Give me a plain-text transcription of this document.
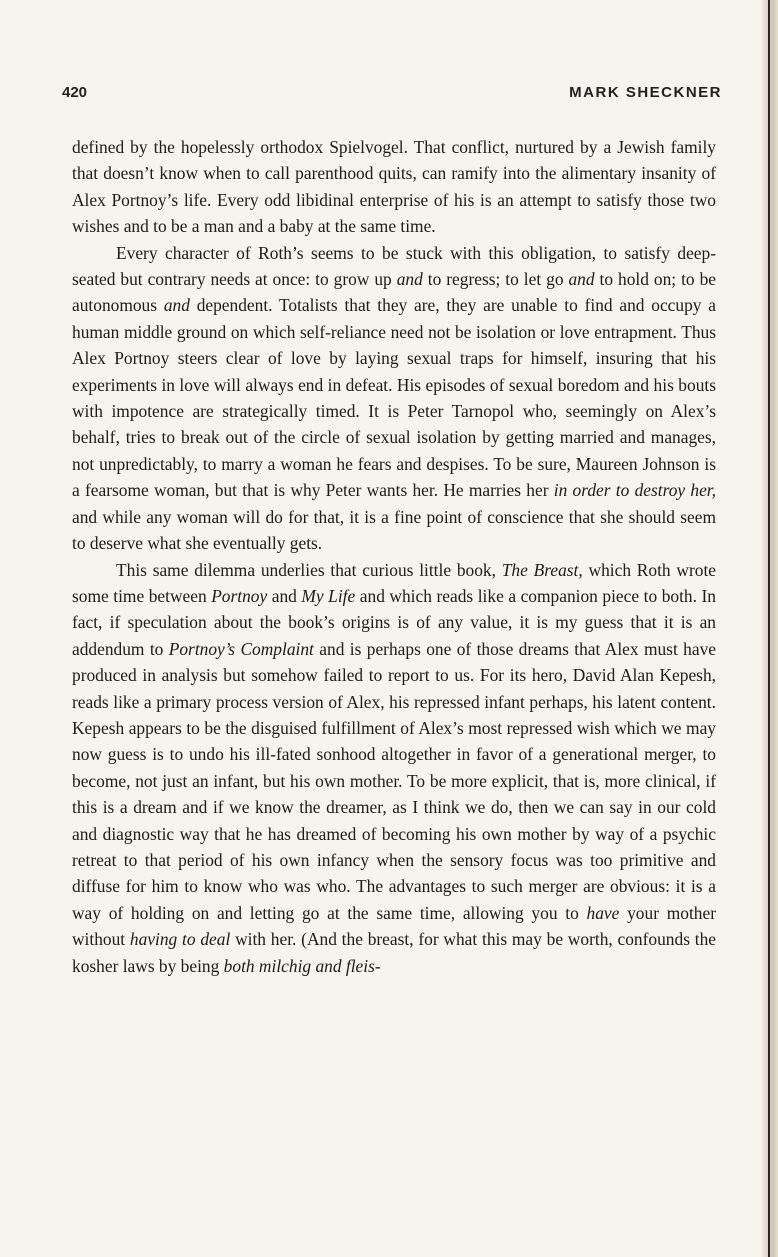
420	MARK SHECKNER

defined by the hopelessly orthodox Spielvogel. That conflict, nurtured by a Jewish family that doesn’t know when to call parenthood quits, can ramify into the alimentary insanity of Alex Portnoy’s life. Every odd libidinal enterprise of his is an attempt to satisfy those two wishes and to be a man and a baby at the same time.

Every character of Roth’s seems to be stuck with this obligation, to satisfy deep-seated but contrary needs at once: to grow up and to regress; to let go and to hold on; to be autonomous and dependent. Totalists that they are, they are unable to find and occupy a human middle ground on which self-reliance need not be isolation or love entrapment. Thus Alex Portnoy steers clear of love by laying sexual traps for himself, insuring that his experiments in love will always end in defeat. His episodes of sexual boredom and his bouts with impotence are strategically timed. It is Peter Tarnopol who, seemingly on Alex’s behalf, tries to break out of the circle of sexual isolation by getting married and manages, not unpredictably, to marry a woman he fears and despises. To be sure, Maureen Johnson is a fearsome woman, but that is why Peter wants her. He marries her in order to destroy her, and while any woman will do for that, it is a fine point of conscience that she should seem to deserve what she eventually gets.

This same dilemma underlies that curious little book, The Breast, which Roth wrote some time between Portnoy and My Life and which reads like a companion piece to both. In fact, if speculation about the book’s origins is of any value, it is my guess that it is an addendum to Portnoy’s Complaint and is perhaps one of those dreams that Alex must have produced in analysis but somehow failed to report to us. For its hero, David Alan Kepesh, reads like a primary process version of Alex, his repressed infant perhaps, his latent content. Kepesh appears to be the disguised fulfillment of Alex’s most repressed wish which we may now guess is to undo his ill-fated sonhood altogether in favor of a generational merger, to become, not just an infant, but his own mother. To be more explicit, that is, more clinical, if this is a dream and if we know the dreamer, as I think we do, then we can say in our cold and diagnostic way that he has dreamed of becoming his own mother by way of a psychic retreat to that period of his own infancy when the sensory focus was too primitive and diffuse for him to know who was who. The advantages to such merger are obvious: it is a way of holding on and letting go at the same time, allowing you to have your mother without having to deal with her. (And the breast, for what this may be worth, confounds the kosher laws by being both milchig and fleis-
